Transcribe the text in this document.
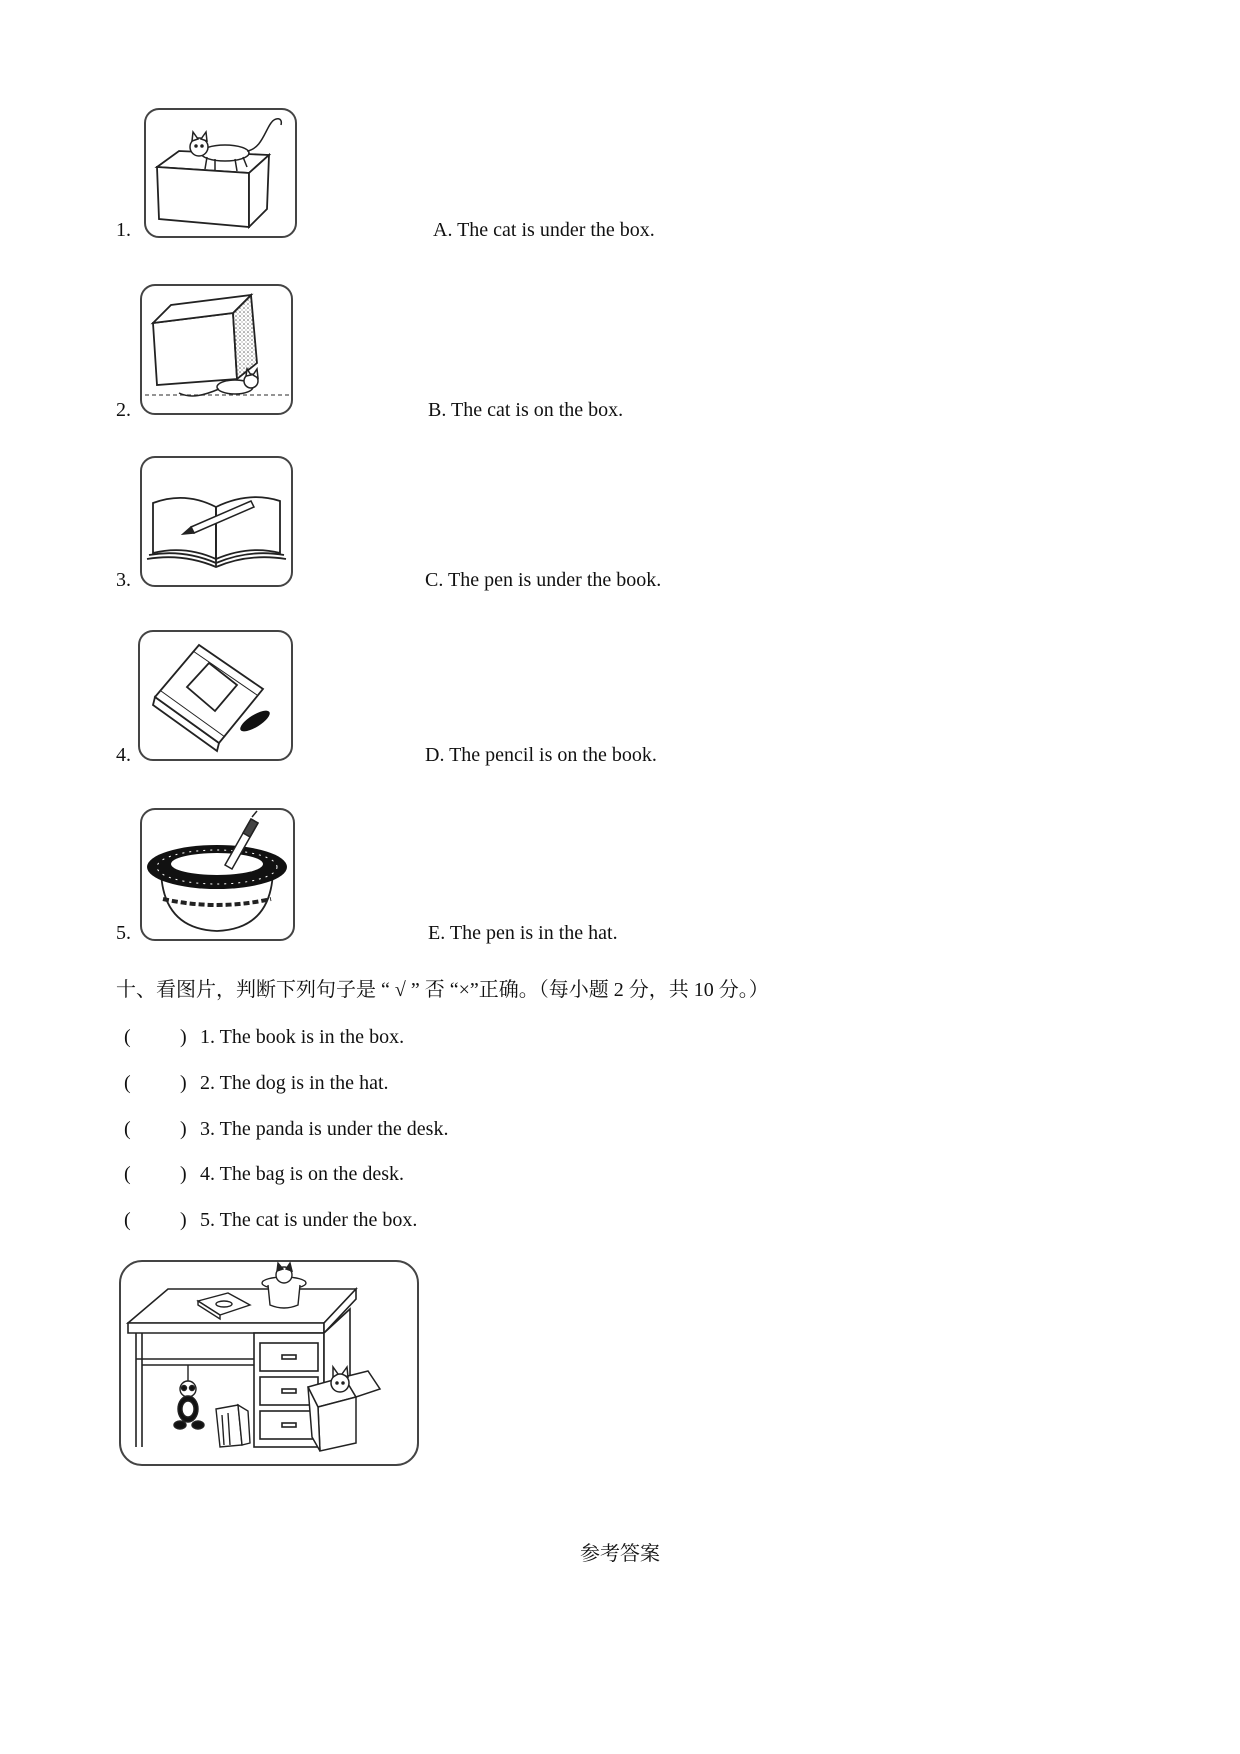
1.	A. The cat is under the box.
2.	B. The cat is on the box.
3.	C. The pen is under the book.
4.	D. The pencil is on the book.
5.	E. The pen is in the hat.
十、看图片，判断下列句子是 “ √ ” 否 “×”正确。（每小题 2 分，共 10 分。）
( ) 1. The book is in the box.
( ) 2. The dog is in the hat.
( ) 3. The panda is under the desk.
( ) 4. The bag is on the desk.
( ) 5. The cat is under the box.
参考答案
